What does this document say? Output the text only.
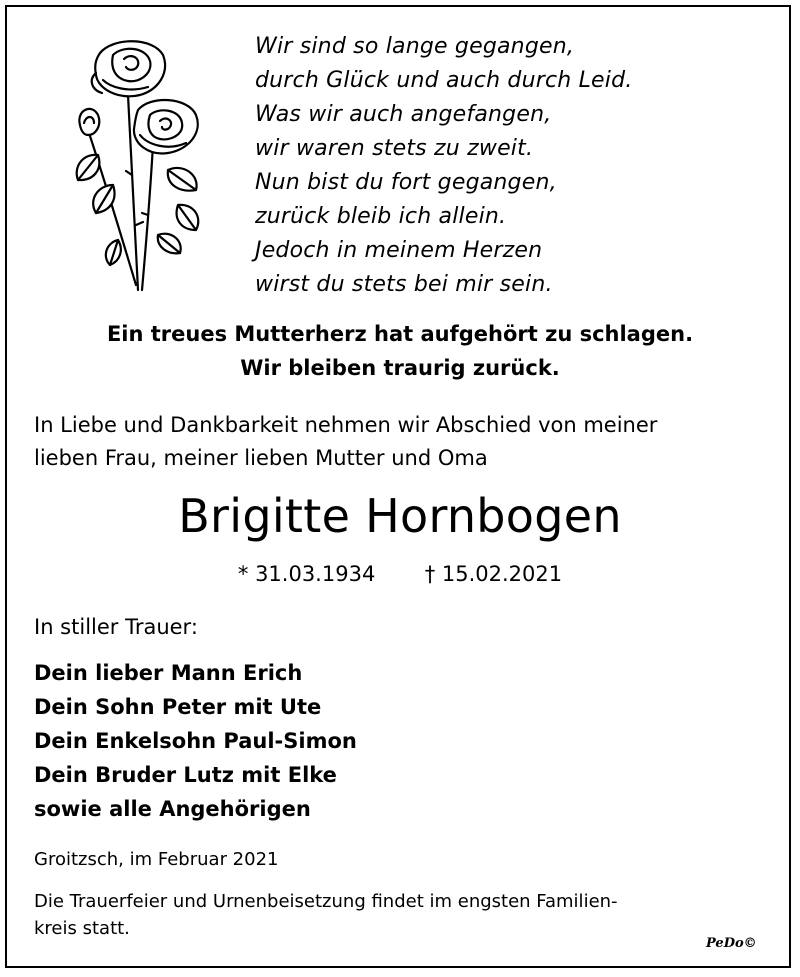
Wir sind so lange gegangen,
durch Glück und auch durch Leid.
Was wir auch angefangen,
wir waren stets zu zweit.
Nun bist du fort gegangen,
zurück bleib ich allein.
Jedoch in meinem Herzen
wirst du stets bei mir sein.
Ein treues Mutterherz hat aufgehört zu schlagen.
Wir bleiben traurig zurück.
In Liebe und Dankbarkeit nehmen wir Abschied von meiner
lieben Frau, meiner lieben Mutter und Oma
Brigitte Hornbogen
* 31.03.1934 † 15.02.2021
In stiller Trauer:
Dein lieber Mann Erich
Dein Sohn Peter mit Ute
Dein Enkelsohn Paul-Simon
Dein Bruder Lutz mit Elke
sowie alle Angehörigen
Groitzsch, im Februar 2021
Die Trauerfeier und Urnenbeisetzung findet im engsten Familien-
kreis statt.
PeDo©
